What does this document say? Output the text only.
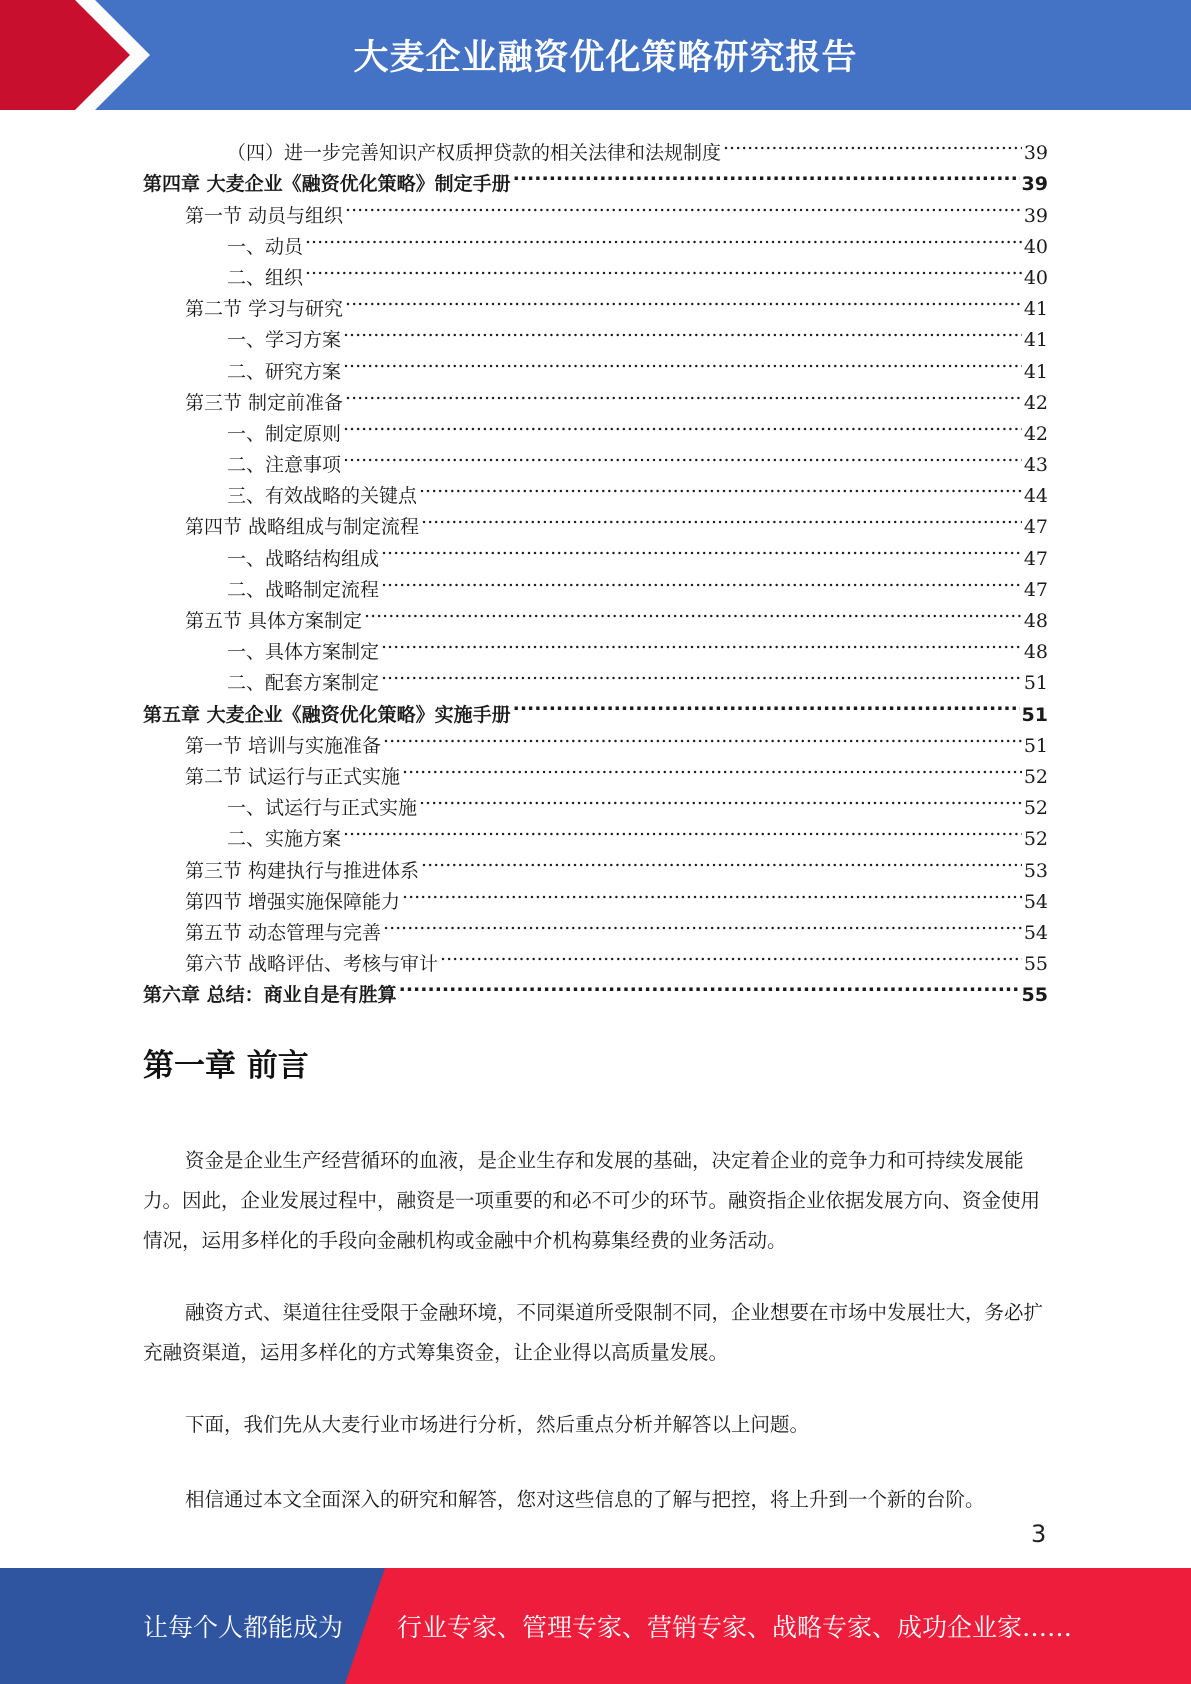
大麦企业融资优化策略研究报告
（四）进一步完善知识产权质押贷款的相关法律和法规制度 .....	39
第四章 大麦企业《融资优化策略》制定手册 .....	39
第一节 动员与组织 .....	39
一、动员 .....	40
二、组织 .....	40
第二节 学习与研究 .....	41
一、学习方案 .....	41
二、研究方案 .....	41
第三节 制定前准备 .....	42
一、制定原则 .....	42
二、注意事项 .....	43
三、有效战略的关键点 .....	44
第四节 战略组成与制定流程 .....	47
一、战略结构组成 .....	47
二、战略制定流程 .....	47
第五节 具体方案制定 .....	48
一、具体方案制定 .....	48
二、配套方案制定 .....	51
第五章 大麦企业《融资优化策略》实施手册 .....	51
第一节 培训与实施准备 .....	51
第二节 试运行与正式实施 .....	52
一、试运行与正式实施 .....	52
二、实施方案 .....	52
第三节 构建执行与推进体系 .....	53
第四节 增强实施保障能力 .....	54
第五节 动态管理与完善 .....	54
第六节 战略评估、考核与审计 .....	55
第六章 总结：商业自是有胜算 .....	55
第一章 前言
资金是企业生产经营循环的血液，是企业生存和发展的基础，决定着企业的竞争力和可持续发展能力。因此，企业发展过程中，融资是一项重要的和必不可少的环节。融资指企业依据发展方向、资金使用情况，运用多样化的手段向金融机构或金融中介机构募集经费的业务活动。
融资方式、渠道往往受限于金融环境，不同渠道所受限制不同，企业想要在市场中发展壮大，务必扩充融资渠道，运用多样化的方式筹集资金，让企业得以高质量发展。
下面，我们先从大麦行业市场进行分析，然后重点分析并解答以上问题。
相信通过本文全面深入的研究和解答，您对这些信息的了解与把控，将上升到一个新的台阶。
3
让每个人都能成为 行业专家、管理专家、营销专家、战略专家、成功企业家……
